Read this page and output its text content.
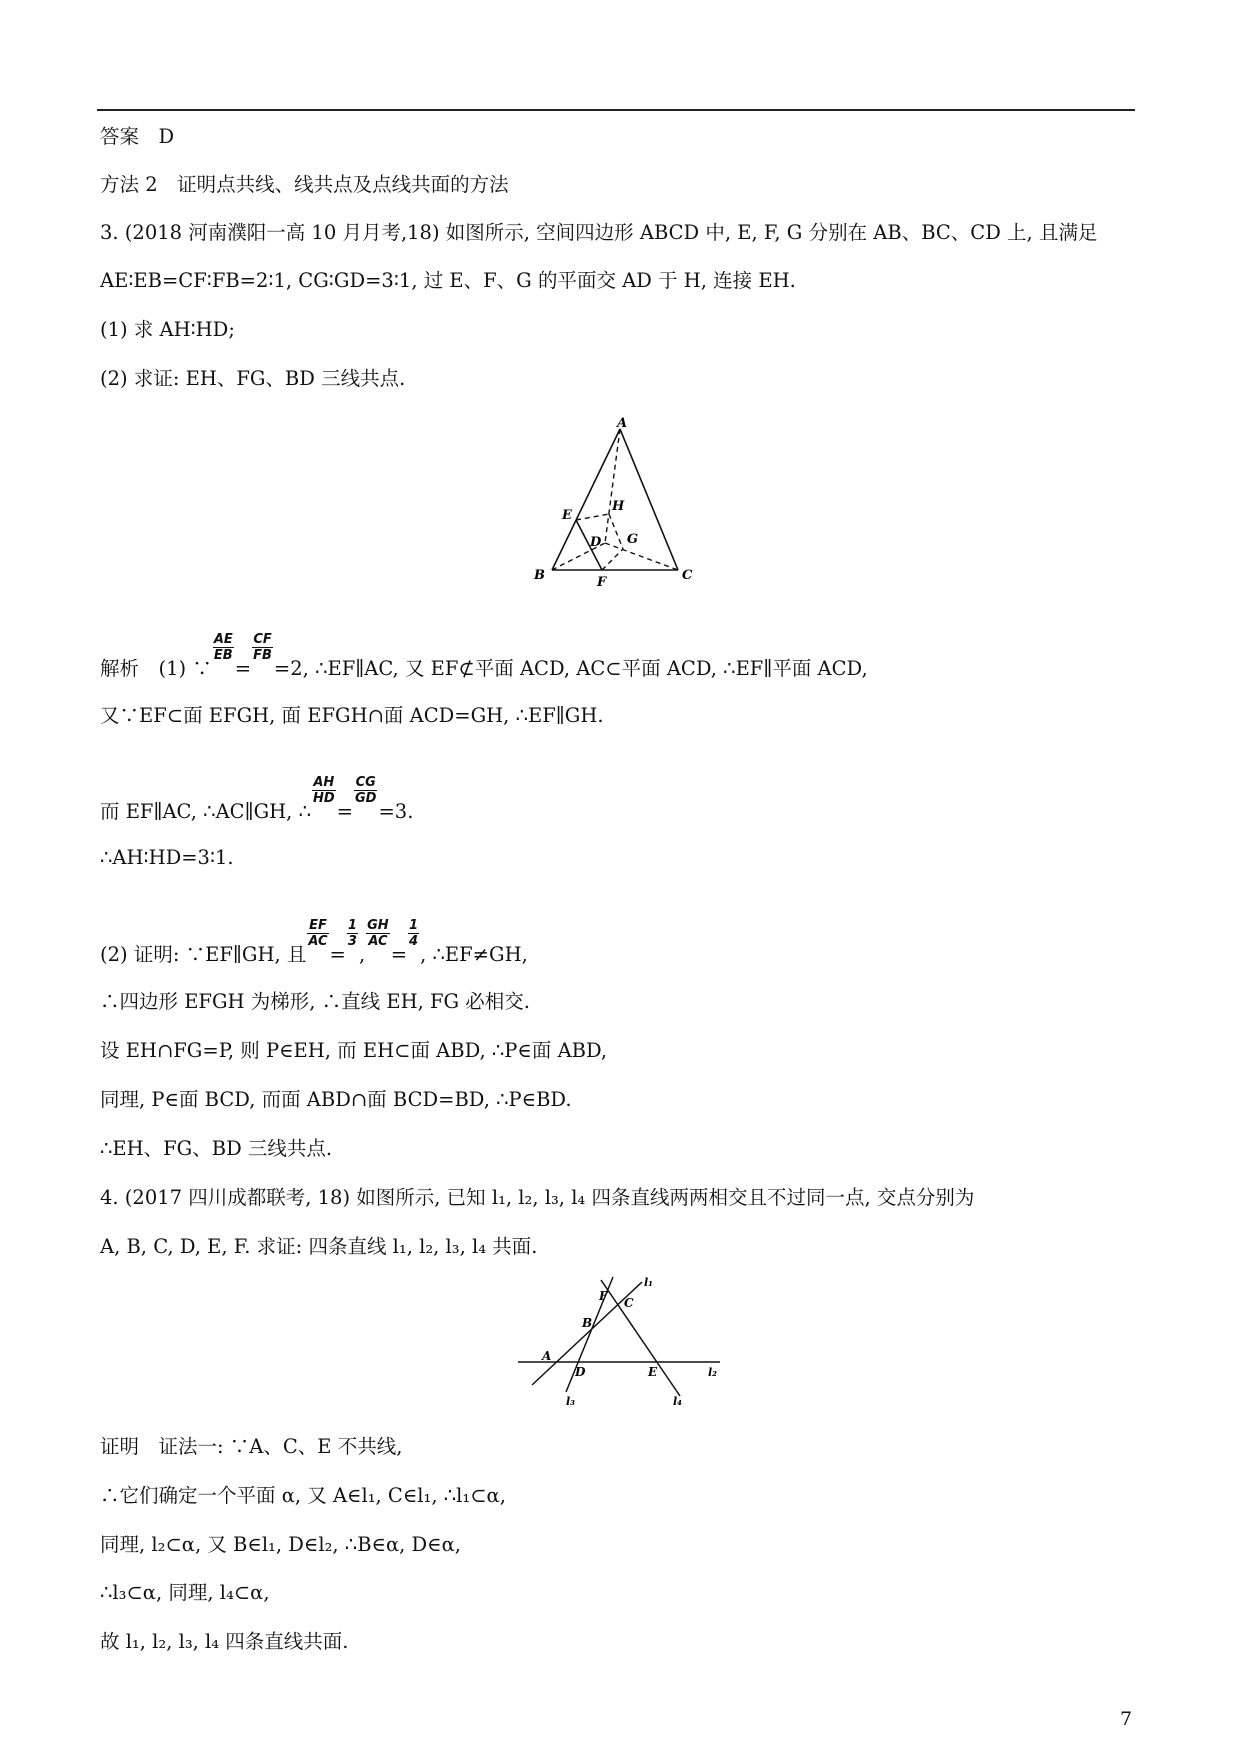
答案　D
方法 2　证明点共线、线共点及点线共面的方法
3. (2018 河南濮阳一高 10 月月考,18) 如图所示, 空间四边形 ABCD 中, E, F, G 分别在 AB、BC、CD 上, 且满足
AE∶EB=CF∶FB=2∶1, CG∶GD=3∶1, 过 E、F、G 的平面交 AD 于 H, 连接 EH.
(1) 求 AH∶HD;
(2) 求证: EH、FG、BD 三线共点.
A
B	C
D
E
F
G
H
解析　(1) ∵
$\frac{AE}{EB}$
=
$\frac{CF}{FB}$
=2, ∴EF∥AC, 又 EF⊄平面 ACD, AC⊂平面 ACD, ∴EF∥平面 ACD,
又∵EF⊂面 EFGH, 面 EFGH∩面 ACD=GH, ∴EF∥GH.
而 EF∥AC, ∴AC∥GH, ∴
$\frac{AH}{HD}$
=
$\frac{CG}{GD}$
=3.
∴AH∶HD=3∶1.
(2) 证明: ∵EF∥GH, 且
$\frac{EF}{AC}$
=
$\frac{1}{3}$
,
$\frac{GH}{AC}$
=
$\frac{1}{4}$
, ∴EF≠GH,
∴四边形 EFGH 为梯形, ∴直线 EH, FG 必相交.
设 EH∩FG=P, 则 P∈EH, 而 EH⊂面 ABD, ∴P∈面 ABD,
同理, P∈面 BCD, 而面 ABD∩面 BCD=BD, ∴P∈BD.
∴EH、FG、BD 三线共点.
4. (2017 四川成都联考, 18) 如图所示, 已知 l₁, l₂, l₃, l₄ 四条直线两两相交且不过同一点, 交点分别为
A, B, C, D, E, F. 求证: 四条直线 l₁, l₂, l₃, l₄ 共面.
A
B
C
D	E
F
l₁
l₂
l₃	l₄
证明　证法一: ∵A、C、E 不共线,
∴它们确定一个平面 α, 又 A∈l₁, C∈l₁, ∴l₁⊂α,
同理, l₂⊂α, 又 B∈l₁, D∈l₂, ∴B∈α, D∈α,
∴l₃⊂α, 同理, l₄⊂α,
故 l₁, l₂, l₃, l₄ 四条直线共面.
7
